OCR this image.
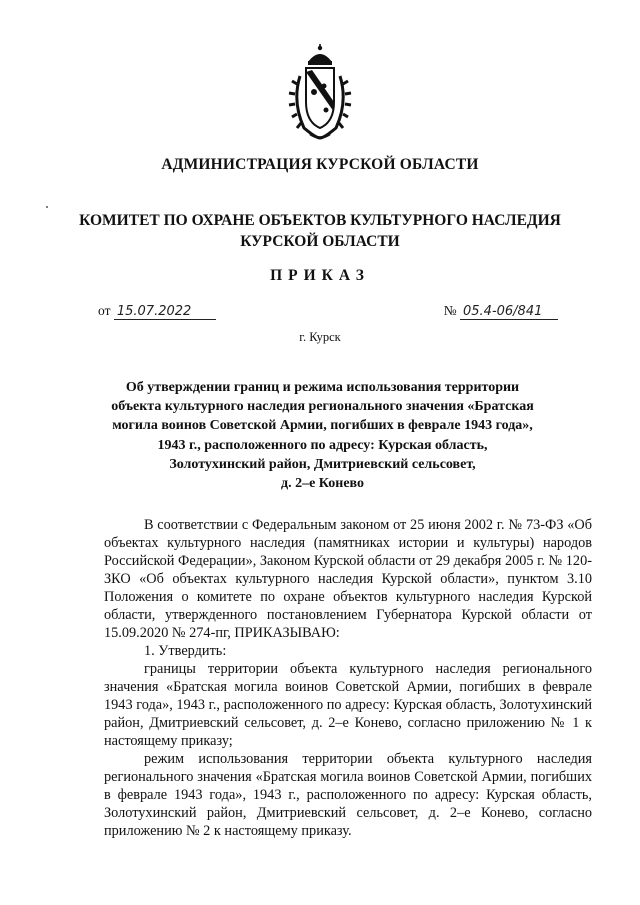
АДМИНИСТРАЦИЯ КУРСКОЙ ОБЛАСТИ
КОМИТЕТ ПО ОХРАНЕ ОБЪЕКТОВ КУЛЬТУРНОГО НАСЛЕДИЯ
КУРСКОЙ ОБЛАСТИ
ПРИКАЗ
от 15.07.2022	№ 05.4-06/841
г. Курск
Об утверждении границ и режима использования территории
объекта культурного наследия регионального значения «Братская
могила воинов Советской Армии, погибших в феврале 1943 года»,
1943 г., расположенного по адресу: Курская область,
Золотухинский район, Дмитриевский сельсовет,
д. 2–е Конево

В соответствии с Федеральным законом от 25 июня 2002 г. № 73-ФЗ «Об объектах культурного наследия (памятниках истории и культуры) народов Российской Федерации», Законом Курской области от 29 декабря 2005 г. № 120-ЗКО «Об объектах культурного наследия Курской области», пунктом 3.10 Положения о комитете по охране объектов культурного наследия Курской области, утвержденного постановлением Губернатора Курской области от 15.09.2020 № 274-пг, ПРИКАЗЫВАЮ:

1. Утвердить:

границы территории объекта культурного наследия регионального значения «Братская могила воинов Советской Армии, погибших в феврале 1943 года», 1943 г., расположенного по адресу: Курская область, Золотухинский район, Дмитриевский сельсовет, д. 2–е Конево, согласно приложению № 1 к настоящему приказу;

режим использования территории объекта культурного наследия регионального значения «Братская могила воинов Советской Армии, погибших в феврале 1943 года», 1943 г., расположенного по адресу: Курская область, Золотухинский район, Дмитриевский сельсовет, д. 2–е Конево, согласно приложению № 2 к настоящему приказу.
